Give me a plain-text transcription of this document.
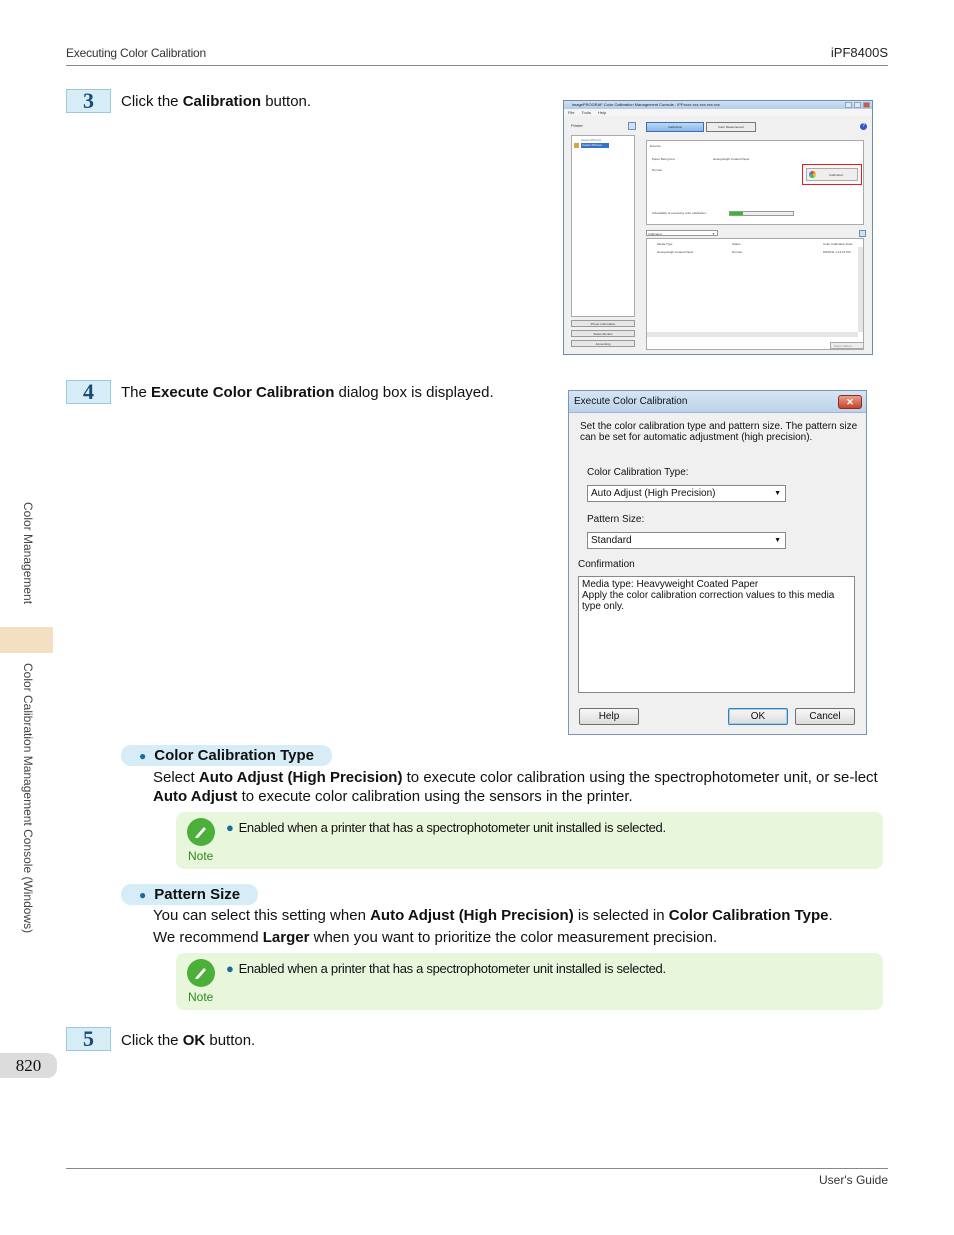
Executing Color Calibration	iPF8400S
User's Guide
Color Management
Color Calibration Management Console (Windows)
820
3	Click the Calibration button.	imagePROGRAF Color Calibration Management Console - iPFxxxx xxx.xxx.xxx.xxx
File Tools Help
Printer
Canon iPFxxxx
Canon iPFxxxx
Printer Information
Status Monitor
Accounting
Calibration	Color Measurement	?
Execute
Paper Being Fed	Heavyweight Coated Paper
Normal
Advisability of executing color calibration:
Calibration
Calibrated	▼
Media Type	Status	Color Calibration Date
Heavyweight Coated Paper	Normal	8/3/2011 1:14:15 PM
Paper Status...
4	The Execute Color Calibration dialog box is displayed.
Execute Color Calibration	✕
Set the color calibration type and pattern size. The pattern size can be set for automatic adjustment (high precision).
Color Calibration Type:
Auto Adjust (High Precision)	▼
Pattern Size:
Standard	▼
Confirmation
Media type: Heavyweight Coated Paper
Apply the color calibration correction values to this media type only.
Help	OK	Cancel
● Color Calibration Type
Select Auto Adjust (High Precision) to execute color calibration using the spectrophotometer unit, or se-lect Auto Adjust to execute color calibration using the sensors in the printer.
Note
● Enabled when a printer that has a spectrophotometer unit installed is selected.
● Pattern Size
You can select this setting when Auto Adjust (High Precision) is selected in Color Calibration Type.
We recommend Larger when you want to prioritize the color measurement precision.
Note
● Enabled when a printer that has a spectrophotometer unit installed is selected.
5	Click the OK button.
